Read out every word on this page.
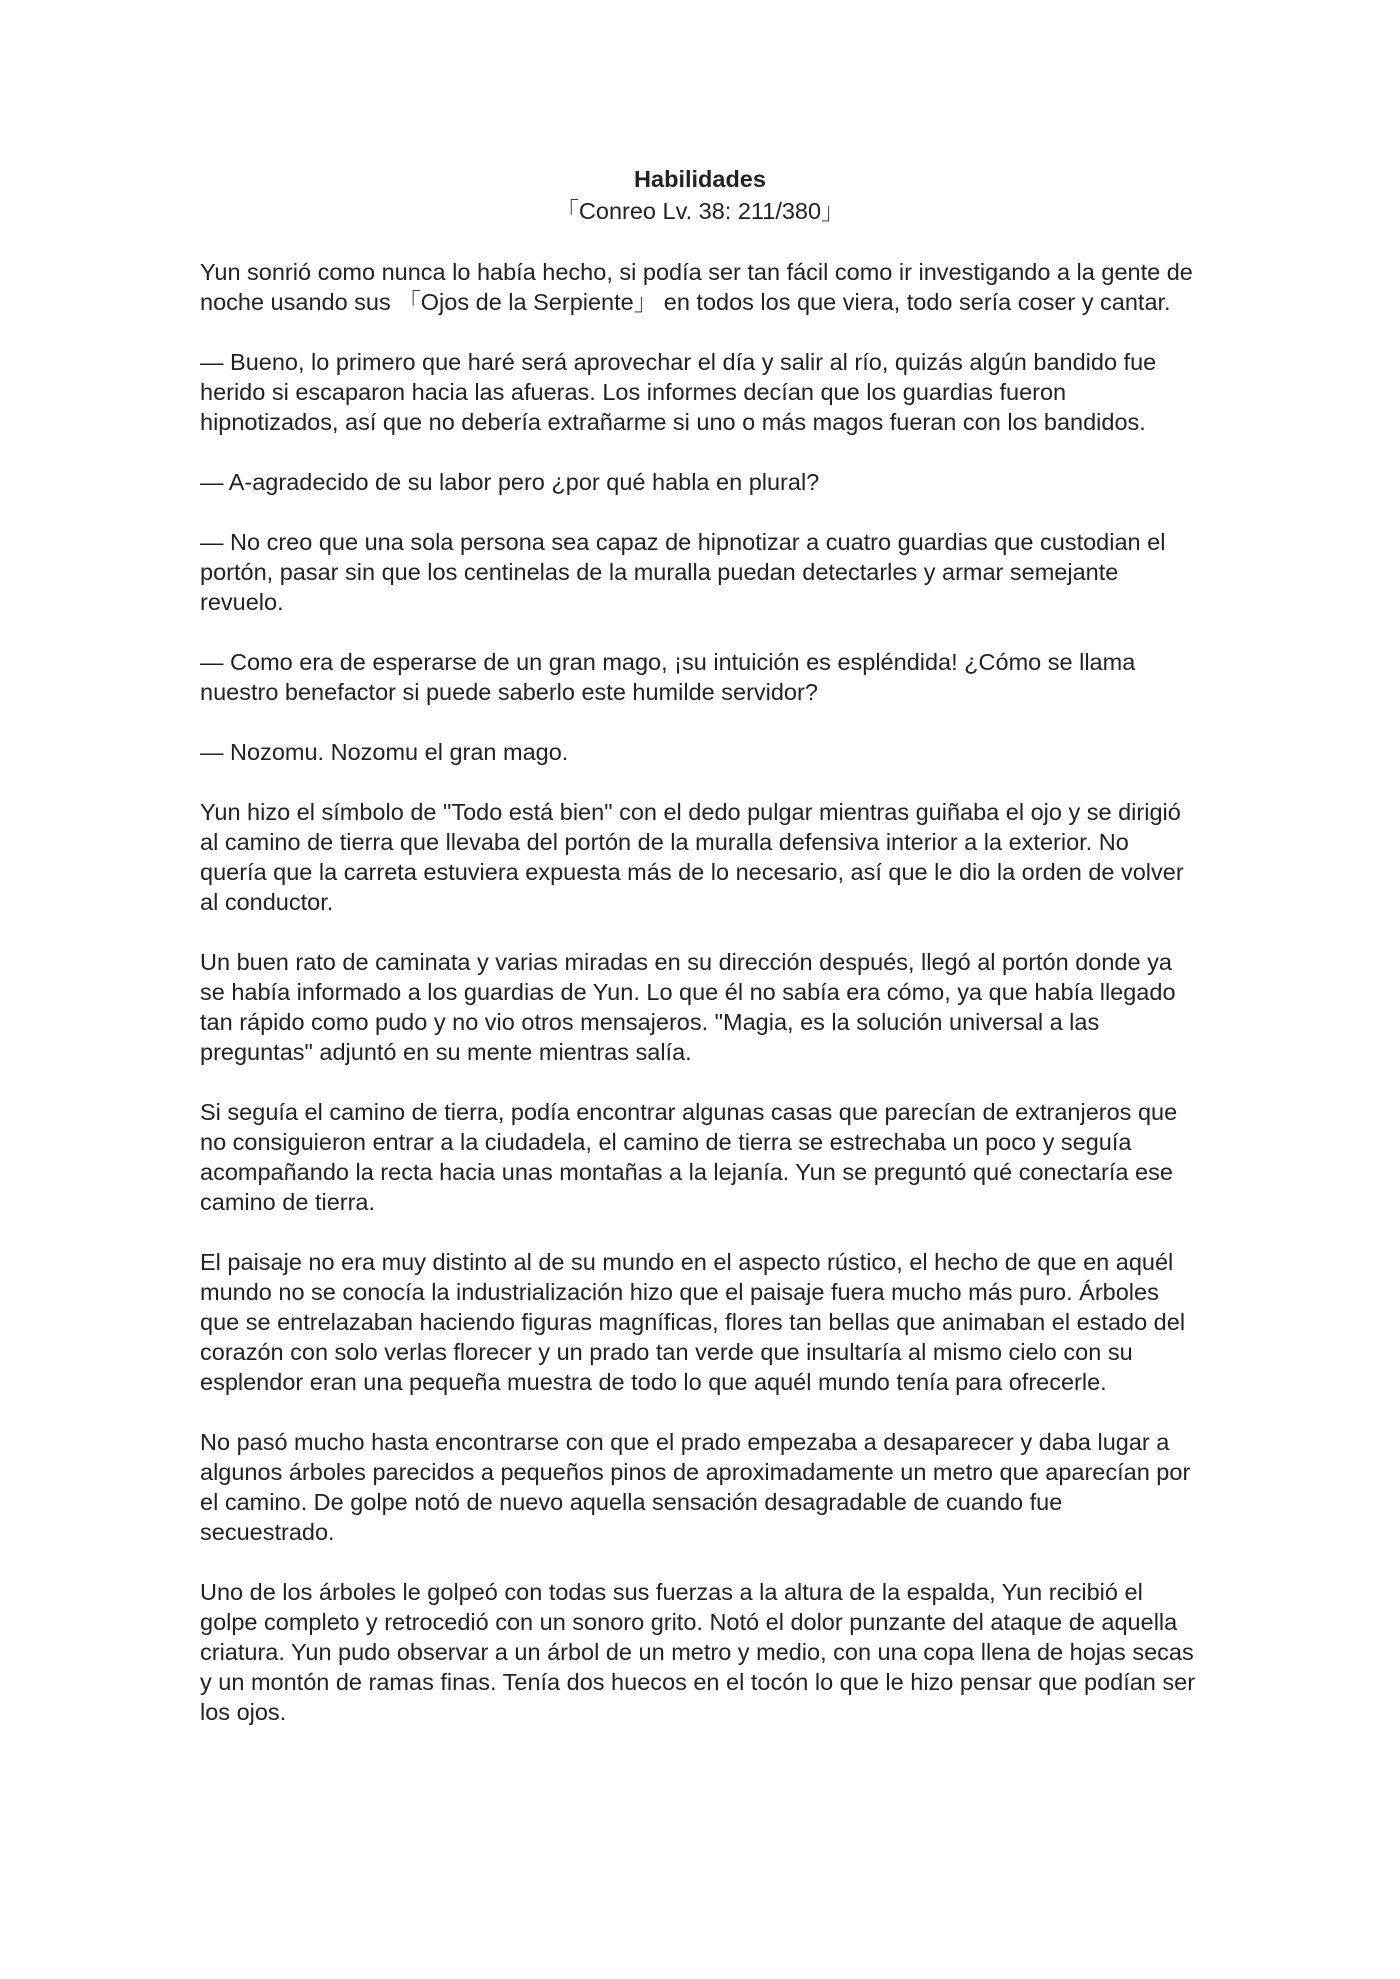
Habilidades
「Conreo Lv. 38: 211/380」

Yun sonrió como nunca lo había hecho, si podía ser tan fácil como ir investigando a la gente de noche usando sus 「Ojos de la Serpiente」 en todos los que viera, todo sería coser y cantar.

— Bueno, lo primero que haré será aprovechar el día y salir al río, quizás algún bandido fue herido si escaparon hacia las afueras. Los informes decían que los guardias fueron hipnotizados, así que no debería extrañarme si uno o más magos fueran con los bandidos.

— A-agradecido de su labor pero ¿por qué habla en plural?

— No creo que una sola persona sea capaz de hipnotizar a cuatro guardias que custodian el portón, pasar sin que los centinelas de la muralla puedan detectarles y armar semejante revuelo.

— Como era de esperarse de un gran mago, ¡su intuición es espléndida! ¿Cómo se llama nuestro benefactor si puede saberlo este humilde servidor?

— Nozomu. Nozomu el gran mago.

Yun hizo el símbolo de "Todo está bien" con el dedo pulgar mientras guiñaba el ojo y se dirigió al camino de tierra que llevaba del portón de la muralla defensiva interior a la exterior. No quería que la carreta estuviera expuesta más de lo necesario, así que le dio la orden de volver al conductor.

Un buen rato de caminata y varias miradas en su dirección después, llegó al portón donde ya se había informado a los guardias de Yun. Lo que él no sabía era cómo, ya que había llegado tan rápido como pudo y no vio otros mensajeros. "Magia, es la solución universal a las preguntas" adjuntó en su mente mientras salía.

Si seguía el camino de tierra, podía encontrar algunas casas que parecían de extranjeros que no consiguieron entrar a la ciudadela, el camino de tierra se estrechaba un poco y seguía acompañando la recta hacia unas montañas a la lejanía. Yun se preguntó qué conectaría ese camino de tierra.

El paisaje no era muy distinto al de su mundo en el aspecto rústico, el hecho de que en aquél mundo no se conocía la industrialización hizo que el paisaje fuera mucho más puro. Árboles que se entrelazaban haciendo figuras magníficas, flores tan bellas que animaban el estado del corazón con solo verlas florecer y un prado tan verde que insultaría al mismo cielo con su esplendor eran una pequeña muestra de todo lo que aquél mundo tenía para ofrecerle.

No pasó mucho hasta encontrarse con que el prado empezaba a desaparecer y daba lugar a algunos árboles parecidos a pequeños pinos de aproximadamente un metro que aparecían por el camino. De golpe notó de nuevo aquella sensación desagradable de cuando fue secuestrado.

Uno de los árboles le golpeó con todas sus fuerzas a la altura de la espalda, Yun recibió el golpe completo y retrocedió con un sonoro grito. Notó el dolor punzante del ataque de aquella criatura. Yun pudo observar a un árbol de un metro y medio, con una copa llena de hojas secas y un montón de ramas finas. Tenía dos huecos en el tocón lo que le hizo pensar que podían ser los ojos.
